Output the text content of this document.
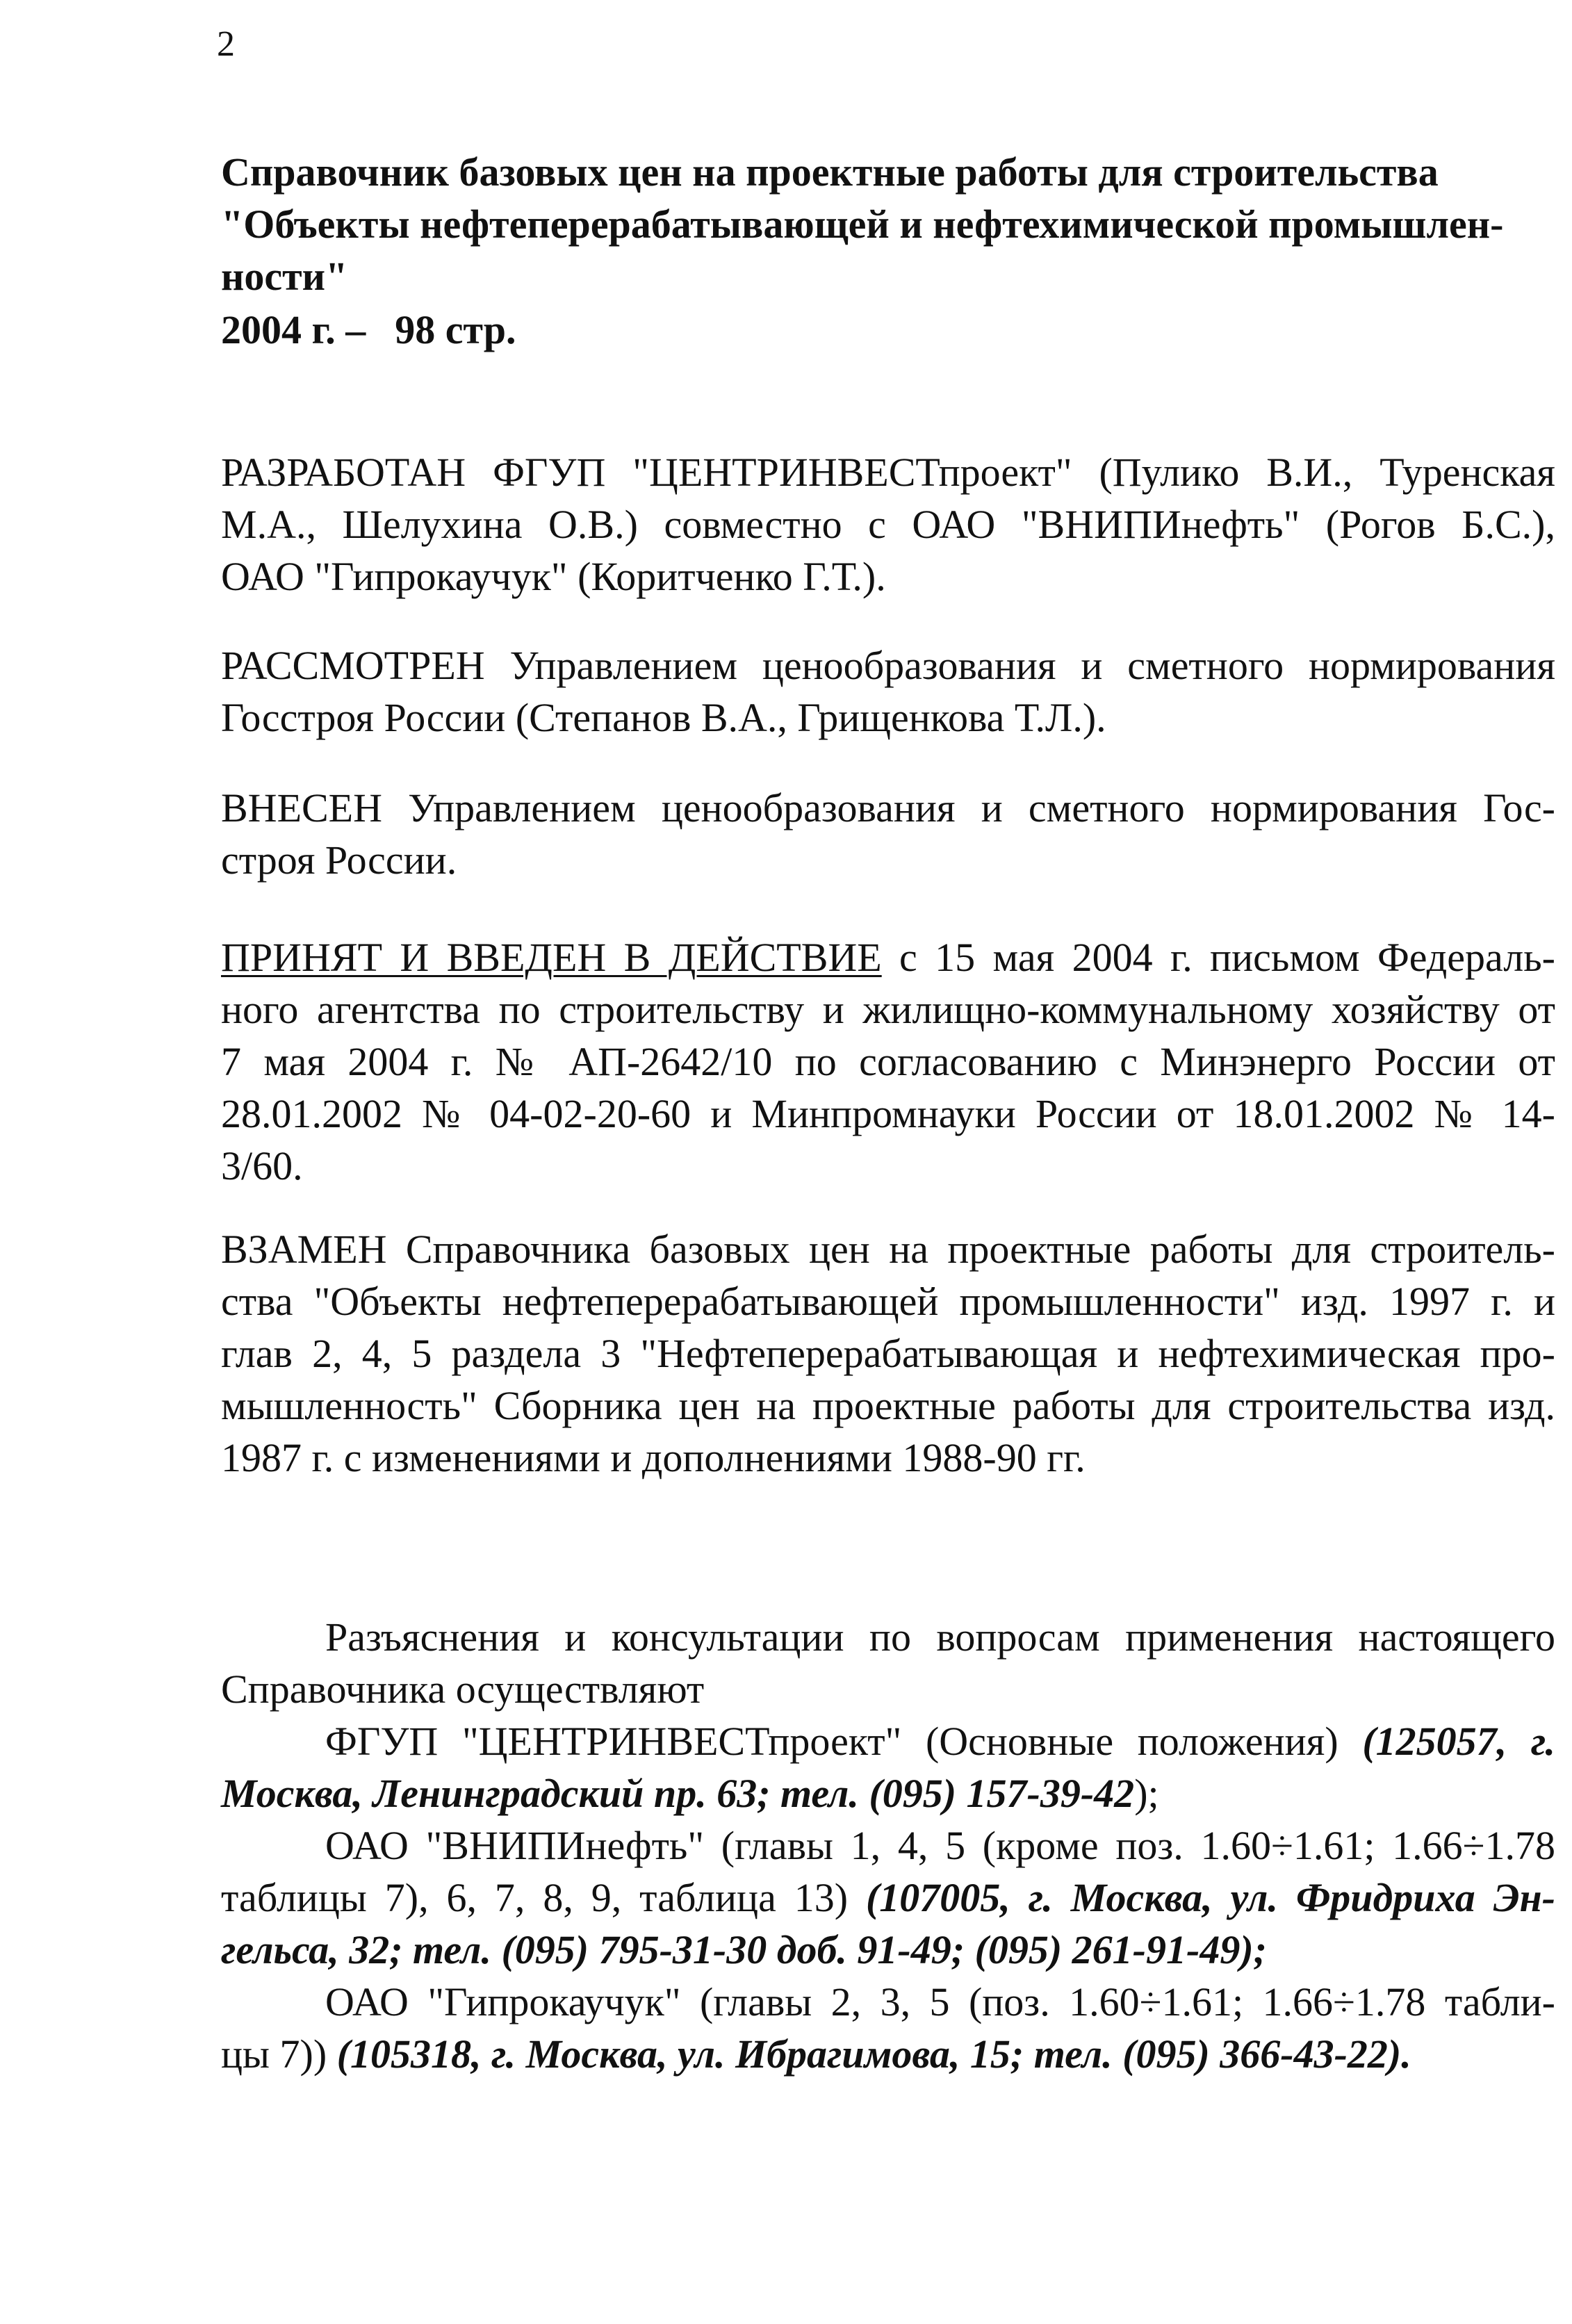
2
Справочник базовых цен на проектные работы для строительства
"Объекты нефтеперерабатывающей и нефтехимической промышлен-
ности"
2004 г. – 98 стр.
РАЗРАБОТАН ФГУП "ЦЕНТРИНВЕСТпроект" (Пулико В.И., Туренская
М.А., Шелухина О.В.) совместно с ОАО "ВНИПИнефть" (Рогов Б.С.),
ОАО "Гипрокаучук" (Коритченко Г.Т.).
РАССМОТРЕН Управлением ценообразования и сметного нормирования
Госстроя России (Степанов В.А., Грищенкова Т.Л.).
ВНЕСЕН Управлением ценообразования и сметного нормирования Гос-
строя России.
ПРИНЯТ И ВВЕДЕН В ДЕЙСТВИЕ с 15 мая 2004 г. письмом Федераль-
ного агентства по строительству и жилищно-коммунальному хозяйству от
7 мая 2004 г. № АП-2642/10 по согласованию с Минэнерго России от
28.01.2002 № 04-02-20-60 и Минпромнауки России от 18.01.2002 № 14-
3/60.
ВЗАМЕН Справочника базовых цен на проектные работы для строитель-
ства "Объекты нефтеперерабатывающей промышленности" изд. 1997 г. и
глав 2, 4, 5 раздела 3 "Нефтеперерабатывающая и нефтехимическая про-
мышленность" Сборника цен на проектные работы для строительства изд.
1987 г. с изменениями и дополнениями 1988-90 гг.
Разъяснения и консультации по вопросам применения настоящего
Справочника осуществляют
ФГУП "ЦЕНТРИНВЕСТпроект" (Основные положения) (125057, г.
Москва, Ленинградский пр. 63; тел. (095) 157-39-42);
ОАО "ВНИПИнефть" (главы 1, 4, 5 (кроме поз. 1.60÷1.61; 1.66÷1.78
таблицы 7), 6, 7, 8, 9, таблица 13) (107005, г. Москва, ул. Фридриха Эн-
гельса, 32; тел. (095) 795-31-30 доб. 91-49; (095) 261-91-49);
ОАО "Гипрокаучук" (главы 2, 3, 5 (поз. 1.60÷1.61; 1.66÷1.78 табли-
цы 7)) (105318, г. Москва, ул. Ибрагимова, 15; тел. (095) 366-43-22).
